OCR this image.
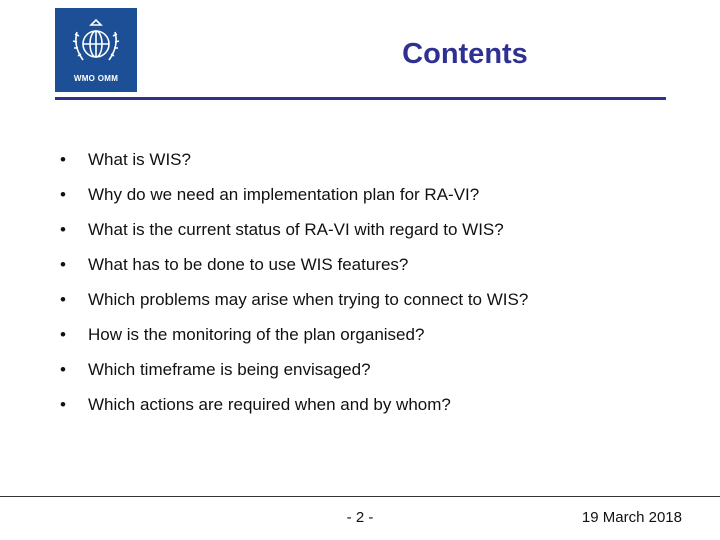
WMO OMM
Contents
• What is WIS?
• Why do we need an implementation plan for RA-VI?
• What is the current status of RA-VI with regard to WIS?
• What has to be done to use WIS features?
• Which problems may arise when trying to connect to WIS?
• How is the monitoring of the plan organised?
• Which timeframe is being envisaged?
• Which actions are required when and by whom?
- 2 -	19 March 2018
